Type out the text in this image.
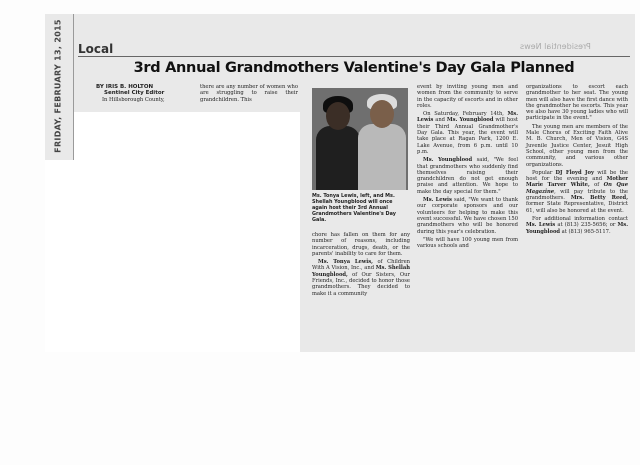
FRIDAY, FEBRUARY 13, 2015 Local	Presidential News
3rd Annual Grandmothers Valentine's Day Gala Planned
BY IRIS B. HOLTON
Sentinel City Editor

In Hillsborough County,

there are any number of women who are struggling to raise their grandchildren. This

chore has fallen on them for any number of reasons, including incarceration, drugs, death, or the parents' inability to care for them.

Ms. Tonya Lewis, of Children With A Vision, Inc., and Ms. Shellah Youngblood, of Our Sisters, Our Friends, Inc., decided to honor those grandmothers. They decided to make it a community

Ms. Tonya Lewis, left, and Ms. Shellah Youngblood will once again host their 3rd Annual Grandmothers Valentine's Day Gala.

event by inviting young men and women from the community to serve in the capacity of escorts and in other roles.

On Saturday, February 14th, Ms. Lewis and Ms. Youngblood will host their Third Annual Grandmother's Day Gala. This year, the event will take place at Ragan Park, 1200 E. Lake Avenue, from 6 p.m. until 10 p.m.

Ms. Youngblood said, "We feel that grandmothers who suddenly find themselves raising their grandchildren do not get enough praise and attention. We hope to make the day special for them."

Ms. Lewis said, "We want to thank our corporate sponsors and our volunteers for helping to make this event successful. We have chosen 150 grandmothers who will be honored during this year's celebration.

"We will have 100 young men from various schools and

organizations to escort each grandmother to her seat. The young men will also have the first dance with the grandmother he escorts. This year we also have 30 young ladies who will participate in the event."

The young men are members of the Male Chorus of Exciting Faith Alive M. B. Church, Men of Vision, G4S Juvenile Justice Center, Jesuit High School, other young men from the community, and various other organizations.

Popular DJ Floyd Joy will be the host for the evening and Mother Marie Tarver White, of On Que Magazine, will pay tribute to the grandmothers. Mrs. Betty Reed, former State Representative, District 61, will also be honored at the event.

For additional information contact Ms. Lewis at (813) 235-5656; or Ms. Youngblood at (813) 965-5117.
